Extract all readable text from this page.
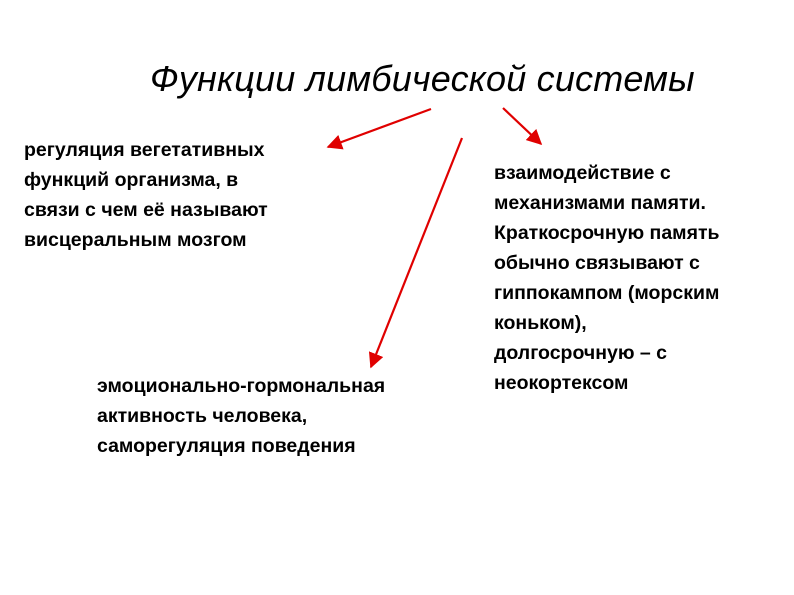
Функции лимбической системы
регуляция вегетативных
функций организма, в
связи с чем её называют
висцеральным мозгом
взаимодействие с
механизмами памяти.
Краткосрочную память
обычно связывают с
гиппокампом (морским
коньком),
долгосрочную – с
неокортексом
эмоционально-гормональная
активность человека,
саморегуляция поведения
